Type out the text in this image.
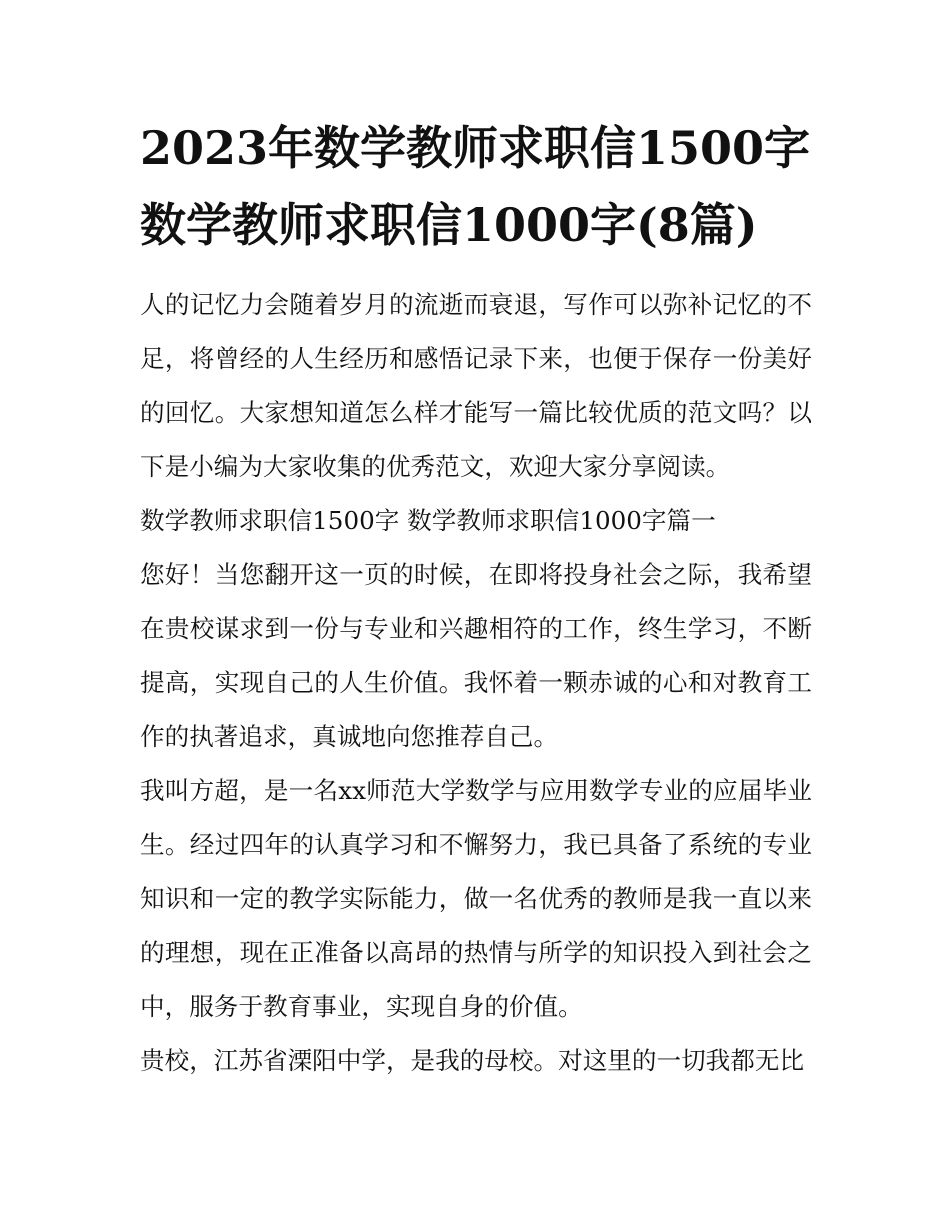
2023年数学教师求职信1500字 数学教师求职信1000字(8篇)

人的记忆力会随着岁月的流逝而衰退，写作可以弥补记忆的不足，将曾经的人生经历和感悟记录下来，也便于保存一份美好的回忆。大家想知道怎么样才能写一篇比较优质的范文吗？以下是小编为大家收集的优秀范文，欢迎大家分享阅读。

数学教师求职信1500字 数学教师求职信1000字篇一

您好！当您翻开这一页的时候，在即将投身社会之际，我希望在贵校谋求到一份与专业和兴趣相符的工作，终生学习，不断提高，实现自己的人生价值。我怀着一颗赤诚的心和对教育工作的执著追求，真诚地向您推荐自己。

我叫方超，是一名xx师范大学数学与应用数学专业的应届毕业生。经过四年的认真学习和不懈努力，我已具备了系统的专业知识和一定的教学实际能力，做一名优秀的教师是我一直以来的理想，现在正准备以高昂的热情与所学的知识投入到社会之中，服务于教育事业，实现自身的价值。

贵校，江苏省溧阳中学，是我的母校。对这里的一切我都无比
